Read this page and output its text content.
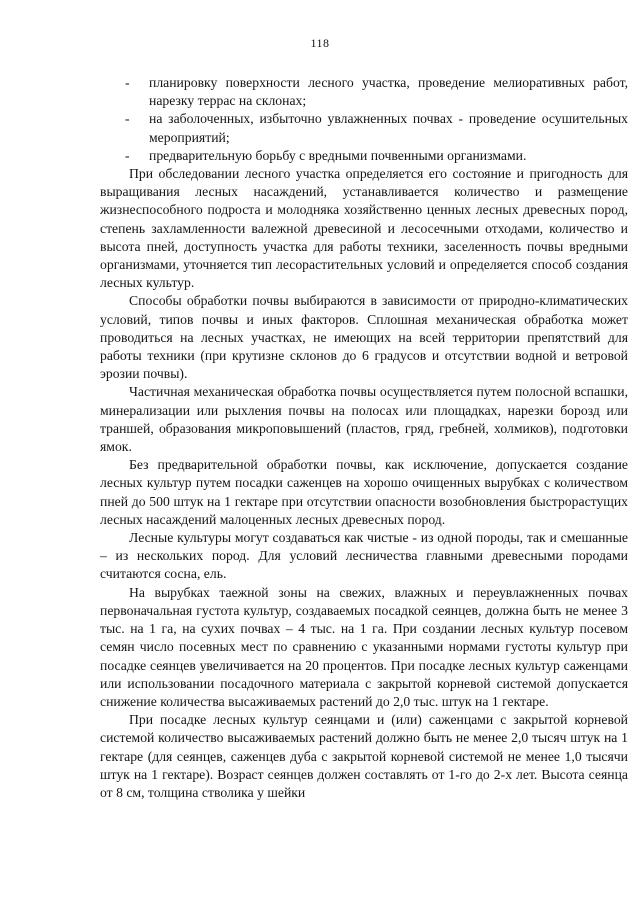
118
- планировку поверхности лесного участка, проведение мелиоративных работ, нарезку террас на склонах;
- на заболоченных, избыточно увлажненных почвах - проведение осушительных мероприятий;
- предварительную борьбу с вредными почвенными организмами.

При обследовании лесного участка определяется его состояние и пригодность для выращивания лесных насаждений, устанавливается количество и размещение жизнеспособного подроста и молодняка хозяйственно ценных лесных древесных пород, степень захламленности валежной древесиной и лесосечными отходами, количество и высота пней, доступность участка для работы техники, заселенность почвы вредными организмами, уточняется тип лесорастительных условий и определяется способ создания лесных культур.

Способы обработки почвы выбираются в зависимости от природно-климатических условий, типов почвы и иных факторов. Сплошная механическая обработка может проводиться на лесных участках, не имеющих на всей территории препятствий для работы техники (при крутизне склонов до 6 градусов и отсутствии водной и ветровой эрозии почвы).

Частичная механическая обработка почвы осуществляется путем полосной вспашки, минерализации или рыхления почвы на полосах или площадках, нарезки борозд или траншей, образования микроповышений (пластов, гряд, гребней, холмиков), подготовки ямок.

Без предварительной обработки почвы, как исключение, допускается создание лесных культур путем посадки саженцев на хорошо очищенных вырубках с количеством пней до 500 штук на 1 гектаре при отсутствии опасности возобновления быстрорастущих лесных насаждений малоценных лесных древесных пород.

Лесные культуры могут создаваться как чистые - из одной породы, так и смешанные – из нескольких пород. Для условий лесничества главными древесными породами считаются сосна, ель.

На вырубках таежной зоны на свежих, влажных и переувлажненных почвах первоначальная густота культур, создаваемых посадкой сеянцев, должна быть не менее 3 тыс. на 1 га, на сухих почвах – 4 тыс. на 1 га. При создании лесных культур посевом семян число посевных мест по сравнению с указанными нормами густоты культур при посадке сеянцев увеличивается на 20 процентов. При посадке лесных культур саженцами или использовании посадочного материала с закрытой корневой системой допускается снижение количества высаживаемых растений до 2,0 тыс. штук на 1 гектаре.

При посадке лесных культур сеянцами и (или) саженцами с закрытой корневой системой количество высаживаемых растений должно быть не менее 2,0 тысяч штук на 1 гектаре (для сеянцев, саженцев дуба с закрытой корневой системой не менее 1,0 тысячи штук на 1 гектаре). Возраст сеянцев должен составлять от 1-го до 2-х лет. Высота сеянца от 8 см, толщина стволика у шейки
